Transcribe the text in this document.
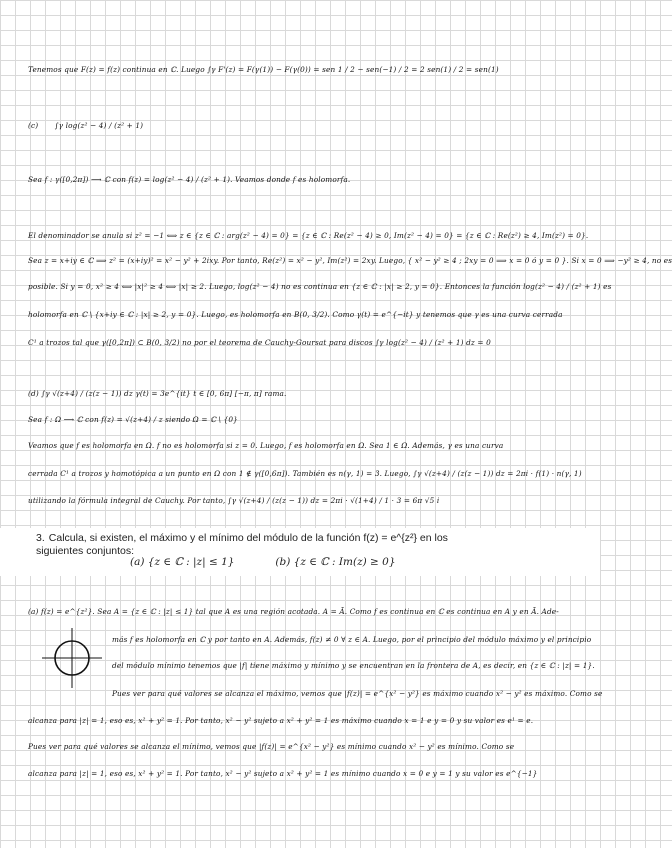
Tenemos que F(z) = f(z) continua en ℂ. Luego ∫γ F'(z) = F(γ(1)) − F(γ(0)) = sen 1 / 2 − sen(−1) / 2 = 2 sen(1) / 2 = sen(1)
(c) ∫γ log(z² − 4) / (z² + 1)
Sea f : γ([0,2π]) ⟶ ℂ con f(z) = log(z² − 4) / (z² + 1). Veamos donde f es holomorfa.
El denominador se anula si z² = −1 ⟺ z ∈ {z ∈ ℂ : arg(z² − 4) = 0} = {z ∈ ℂ : Re(z² − 4) ≥ 0, Im(z² − 4) = 0} = {z ∈ ℂ : Re(z²) ≥ 4, Im(z²) = 0}.
Sea z = x+iy ∈ ℂ ⟹ z² = (x+iy)² = x² − y² + 2ixy. Por tanto, Re(z²) = x² − y², Im(z²) = 2xy. Luego, { x² − y² ≥ 4 ; 2xy = 0 ⟹ x = 0 ó y = 0 }. Si x = 0 ⟹ −y² ≥ 4, no es
posible. Si y = 0, x² ≥ 4 ⟺ |x|² ≥ 4 ⟺ |x| ≥ 2. Luego, log(z² − 4) no es continua en {z ∈ ℂ : |x| ≥ 2, y = 0}. Entonces la función log(z² − 4) / (z² + 1) es
holomorfa en ℂ \ {x+iy ∈ ℂ : |x| ≥ 2, y = 0}. Luego, es holomorfa en B(0, 3/2). Como γ(t) = e^{−it} y tenemos que γ es una curva cerrada
C¹ a trozos tal que γ([0,2π]) ⊂ B(0, 3/2) no por el teorema de Cauchy-Goursat para discos ∫γ log(z² − 4) / (z² + 1) dz = 0
(d) ∫γ √(z+4) / (z(z − 1)) dz γ(t) = 3e^{it} t ∈ [0, 6π] [−π, π] rama.
Sea f : Ω ⟶ ℂ con f(z) = √(z+4) / z siendo Ω = ℂ \ {0}
Veamos que f es holomorfa en Ω. f no es holomorfa si z = 0. Luego, f es holomorfa en Ω. Sea 1 ∈ Ω. Además, γ es una curva
cerrada C¹ a trozos y homotópica a un punto en Ω con 1 ∉ γ([0,6π]). También es n(γ, 1) = 3. Luego, ∫γ √(z+4) / (z(z − 1)) dz = 2πi · f(1) · n(γ, 1)
utilizando la fórmula integral de Cauchy. Por tanto, ∫γ √(z+4) / (z(z − 1)) dz = 2πi · √(1+4) / 1 · 3 = 6π √5 i
3. Calcula, si existen, el máximo y el mínimo del módulo de la función f(z) = e^{z²} en los siguientes conjuntos:
(a) {z ∈ ℂ : |z| ≤ 1}	(b) {z ∈ ℂ : Im(z) ≥ 0}
(a) f(z) = e^{z²}. Sea A = {z ∈ ℂ : |z| ≤ 1} tal que A es una región acotada. A = Ā. Como f es continua en ℂ es continua en A y en Ā. Ade-
más f es holomorfa en ℂ y por tanto en A. Además, f(z) ≠ 0 ∀ z ∈ A. Luego, por el principio del módulo máximo y el principio
del módulo mínimo tenemos que |f| tiene máximo y mínimo y se encuentran en la frontera de A, es decir, en {z ∈ ℂ : |z| = 1}.
Pues ver para qué valores se alcanza el máximo, vemos que |f(z)| = e^{x² − y²} es máximo cuando x² − y² es máximo. Como se
alcanza para |z| = 1, eso es, x² + y² = 1. Por tanto, x² − y² sujeto a x² + y² = 1 es máximo cuando x = 1 e y = 0 y su valor es e¹ = e.
Pues ver para qué valores se alcanza el mínimo, vemos que |f(z)| = e^{x² − y²} es mínimo cuando x² − y² es mínimo. Como se
alcanza para |z| = 1, eso es, x² + y² = 1. Por tanto, x² − y² sujeto a x² + y² = 1 es mínimo cuando x = 0 e y = 1 y su valor es e^{−1}
